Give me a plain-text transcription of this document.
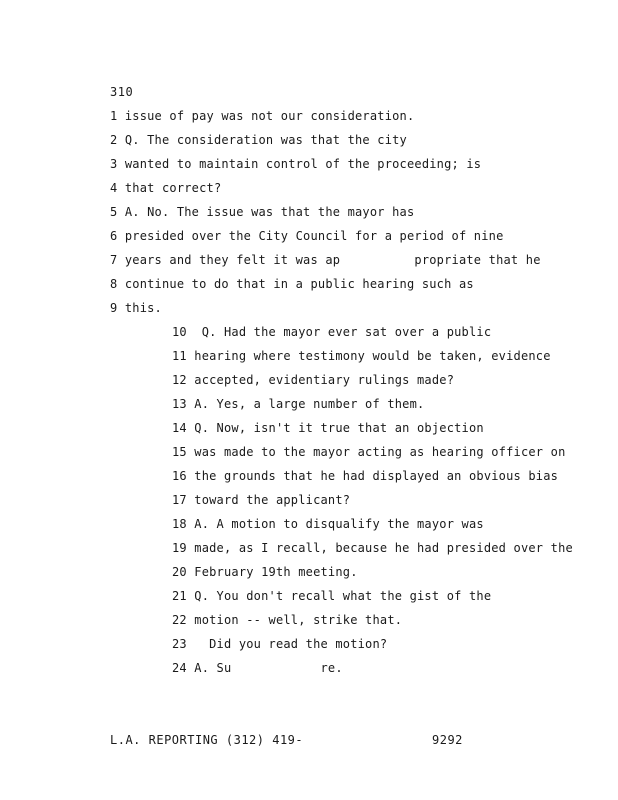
310
1 issue of pay was not our consideration.
2 Q. The consideration was that the city
3 wanted to maintain control of the proceeding; is
4 that correct?
5 A. No. The issue was that the mayor has
6 presided over the City Council for a period of nine
7 years and they felt it was ap          propriate that he
8 continue to do that in a public hearing such as
9 this.
10  Q. Had the mayor ever sat over a public
11 hearing where testimony would be taken, evidence
12 accepted, evidentiary rulings made?
13 A. Yes, a large number of them.
14 Q. Now, isn't it true that an objection
15 was made to the mayor acting as hearing officer on
16 the grounds that he had displayed an obvious bias
17 toward the applicant?
18 A. A motion to disqualify the mayor was
19 made, as I recall, because he had presided over the
20 February 19th meeting.
21 Q. You don't recall what the gist of the
22 motion -- well, strike that.
23   Did you read the motion?
24 A. Su            re.
L.A. REPORTING (312) 419-	9292
